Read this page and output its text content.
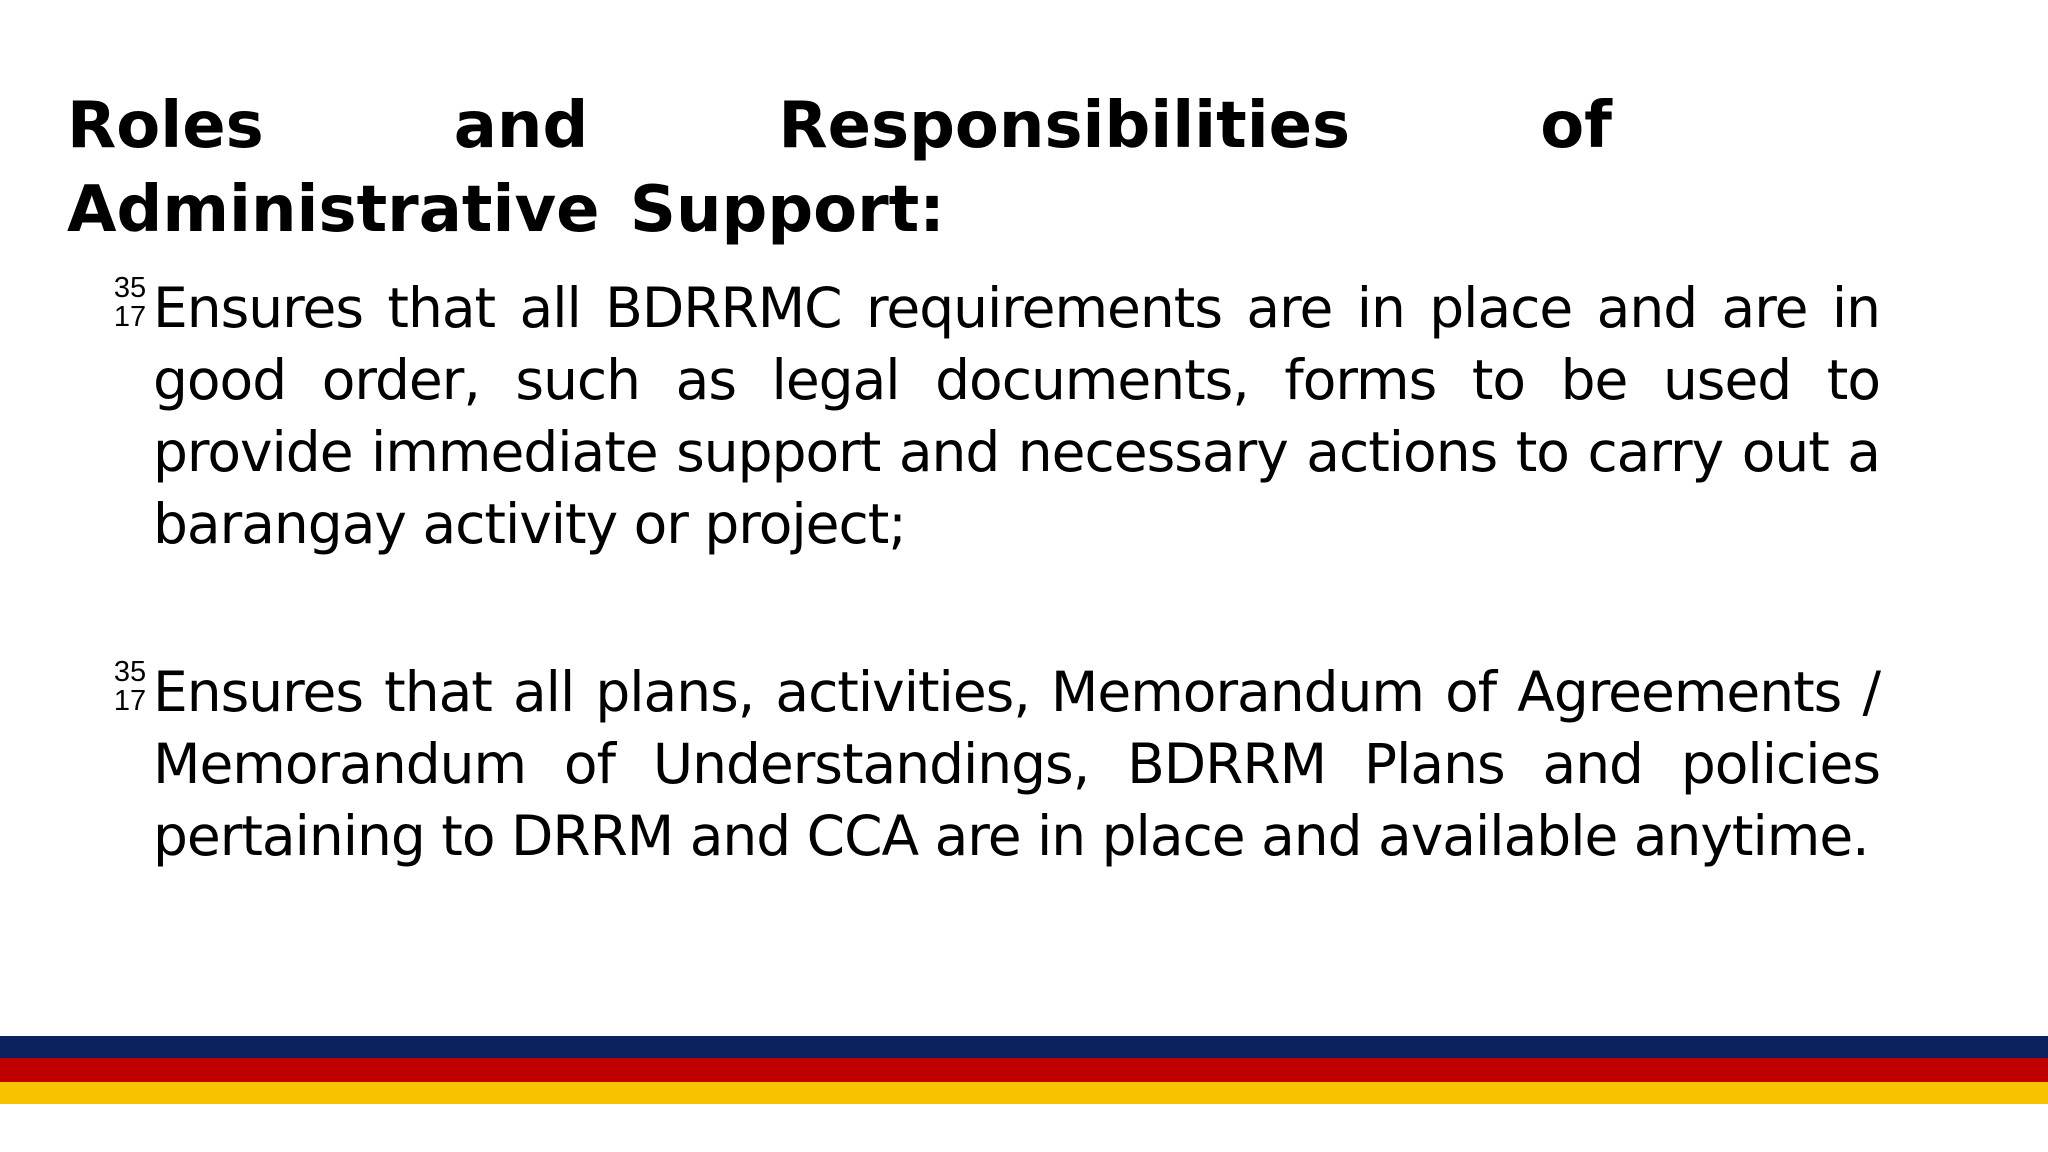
Roles and Responsibilities of Administrative Support:
35
17 Ensures that all BDRRMC requirements are in place and are in good order, such as legal documents, forms to be used to provide immediate support and necessary actions to carry out a barangay activity or project;

35
17 Ensures that all plans, activities, Memorandum of Agreements / Memorandum of Understandings, BDRRM Plans and policies pertaining to DRRM and CCA are in place and available anytime.
